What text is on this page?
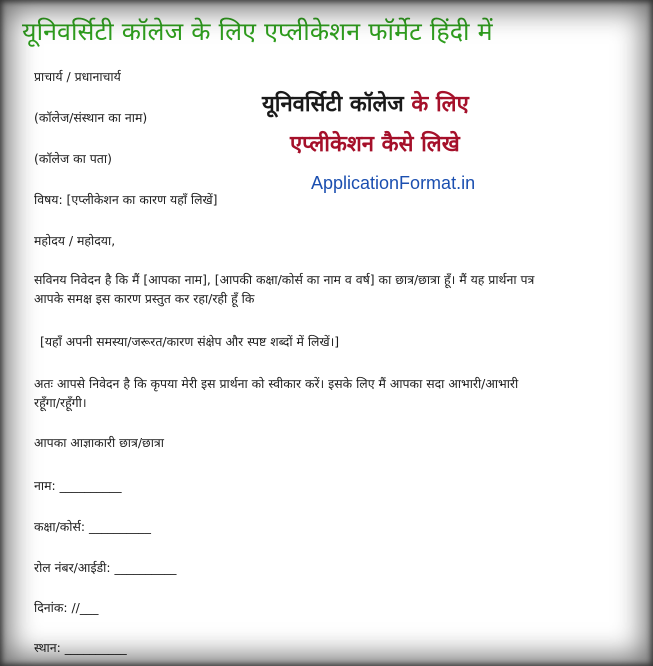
यूनिवर्सिटी कॉलेज के लिए एप्लीकेशन फॉर्मेट हिंदी में
प्राचार्य / प्रधानाचार्य
(कॉलेज/संस्थान का नाम)
(कॉलेज का पता)
विषय: [एप्लीकेशन का कारण यहाँ लिखें]
महोदय / महोदया,
सविनय निवेदन है कि मैं [आपका नाम], [आपकी कक्षा/कोर्स का नाम व वर्ष] का छात्र/छात्रा हूँ। मैं यह प्रार्थना पत्र
आपके समक्ष इस कारण प्रस्तुत कर रहा/रही हूँ कि
[यहाँ अपनी समस्या/जरूरत/कारण संक्षेप और स्पष्ट शब्दों में लिखें।]
अतः आपसे निवेदन है कि कृपया मेरी इस प्रार्थना को स्वीकार करें। इसके लिए मैं आपका सदा आभारी/आभारी
रहूँगा/रहूँगी।
आपका आज्ञाकारी छात्र/छात्रा
नाम: __________
कक्षा/कोर्स: __________
रोल नंबर/आईडी: __________
दिनांक: //___
स्थान: __________
यूनिवर्सिटी कॉलेज के लिए
एप्लीकेशन कैसे लिखे
ApplicationFormat.in
